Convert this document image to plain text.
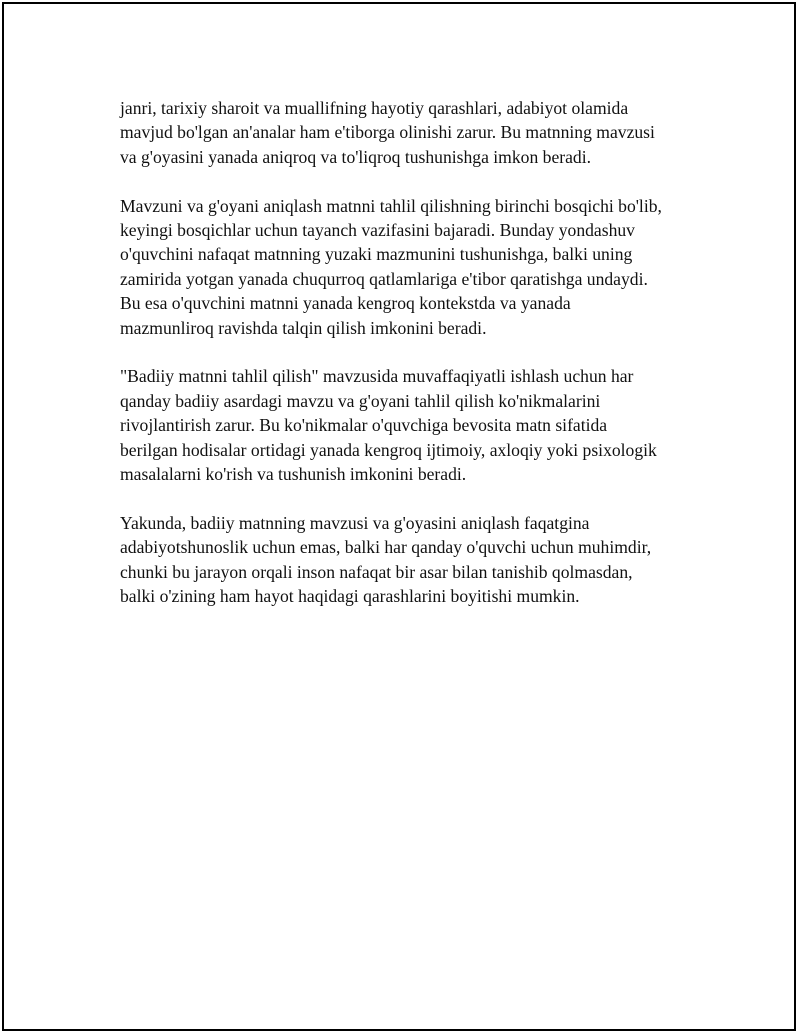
janri, tarixiy sharoit va muallifning hayotiy qarashlari, adabiyot olamida
mavjud bo'lgan an'analar ham e'tiborga olinishi zarur. Bu matnning mavzusi
va g'oyasini yanada aniqroq va to'liqroq tushunishga imkon beradi.

Mavzuni va g'oyani aniqlash matnni tahlil qilishning birinchi bosqichi bo'lib,
keyingi bosqichlar uchun tayanch vazifasini bajaradi. Bunday yondashuv
o'quvchini nafaqat matnning yuzaki mazmunini tushunishga, balki uning
zamirida yotgan yanada chuqurroq qatlamlariga e'tibor qaratishga undaydi.
Bu esa o'quvchini matnni yanada kengroq kontekstda va yanada
mazmunliroq ravishda talqin qilish imkonini beradi.

"Badiiy matnni tahlil qilish" mavzusida muvaffaqiyatli ishlash uchun har
qanday badiiy asardagi mavzu va g'oyani tahlil qilish ko'nikmalarini
rivojlantirish zarur. Bu ko'nikmalar o'quvchiga bevosita matn sifatida
berilgan hodisalar ortidagi yanada kengroq ijtimoiy, axloqiy yoki psixologik
masalalarni ko'rish va tushunish imkonini beradi.

Yakunda, badiiy matnning mavzusi va g'oyasini aniqlash faqatgina
adabiyotshunoslik uchun emas, balki har qanday o'quvchi uchun muhimdir,
chunki bu jarayon orqali inson nafaqat bir asar bilan tanishib qolmasdan,
balki o'zining ham hayot haqidagi qarashlarini boyitishi mumkin.
